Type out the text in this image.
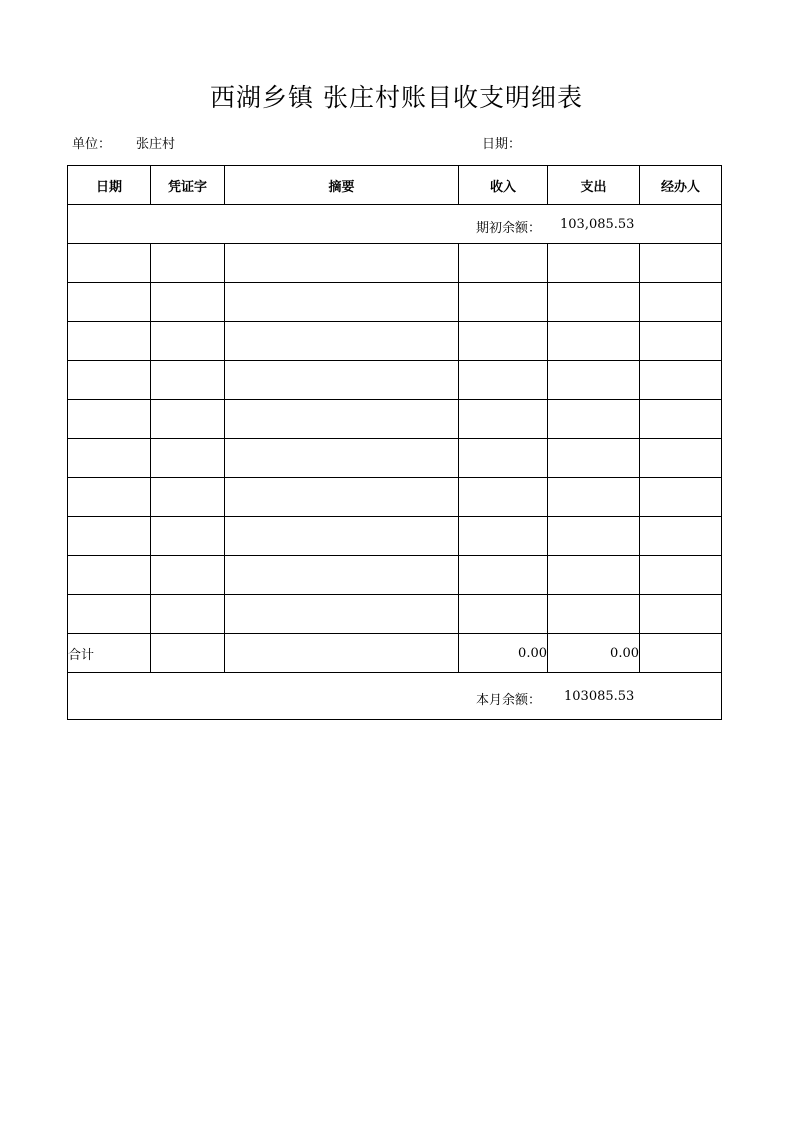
西湖乡镇 张庄村账目收支明细表
单位： 张庄村	日期：
日期	凭证字	摘要	收入	支出	经办人

期初余额： 103,085.53					

合计			0.00	0.00	

本月余额： 103085.53					
